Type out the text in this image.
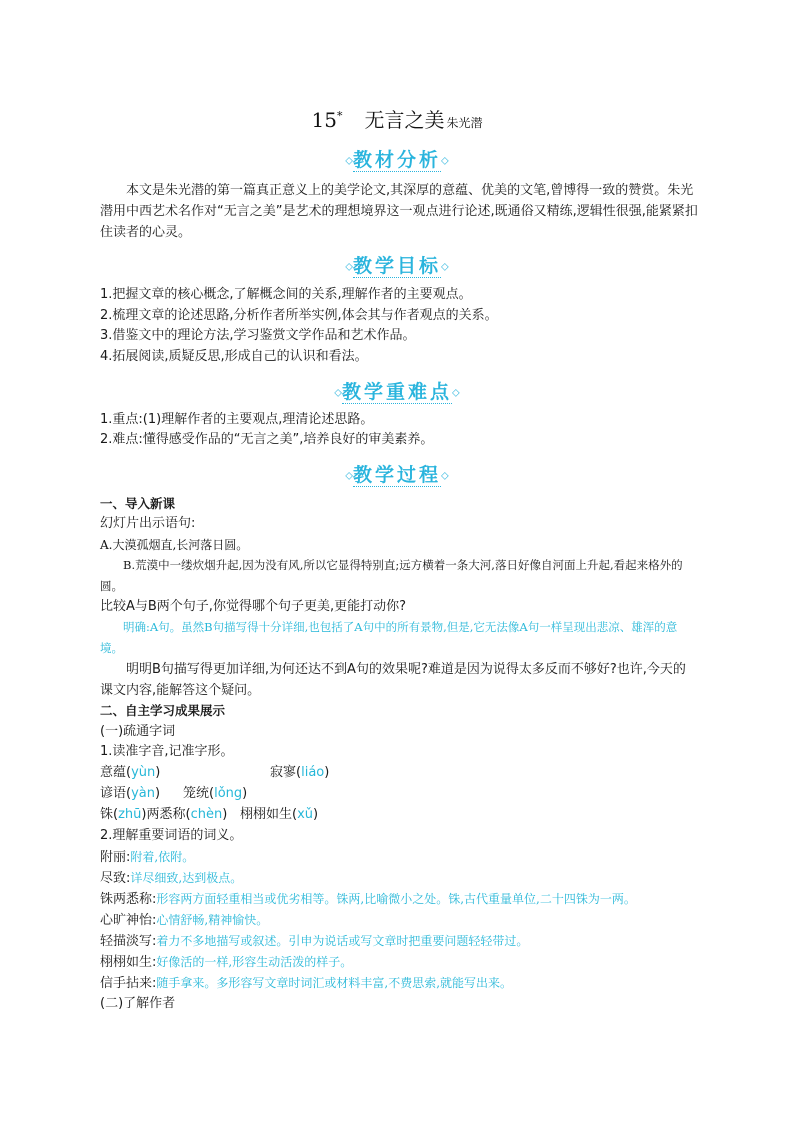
15* 无言之美 朱光潜
◇教材分析◇

本文是朱光潜的第一篇真正意义上的美学论文,其深厚的意蕴、优美的文笔,曾博得一致的赞赏。朱光潜用中西艺术名作对“无言之美”是艺术的理想境界这一观点进行论述,既通俗又精练,逻辑性很强,能紧紧扣住读者的心灵。

◇教学目标◇
1.把握文章的核心概念,了解概念间的关系,理解作者的主要观点。
2.梳理文章的论述思路,分析作者所举实例,体会其与作者观点的关系。
3.借鉴文中的理论方法,学习鉴赏文学作品和艺术作品。
4.拓展阅读,质疑反思,形成自己的认识和看法。
◇教学重难点◇
1.重点:(1)理解作者的主要观点,理清论述思路。
2.难点:懂得感受作品的“无言之美”,培养良好的审美素养。
◇教学过程◇
一、导入新课
幻灯片出示语句:
A.大漠孤烟直,长河落日圆。

B.荒漠中一缕炊烟升起,因为没有风,所以它显得特别直;远方横着一条大河,落日好像自河面上升起,看起来格外的圆。

比较A与B两个句子,你觉得哪个句子更美,更能打动你?

明确:A句。虽然B句描写得十分详细,也包括了A句中的所有景物,但是,它无法像A句一样呈现出悲凉、雄浑的意境。

明明B句描写得更加详细,为何还达不到A句的效果呢?难道是因为说得太多反而不够好?也许,今天的课文内容,能解答这个疑问。

二、自主学习成果展示
(一)疏通字词
1.读准字音,记准字形。
意蕴(yùn)	寂寥(liáo)
谚语(yàn) 笼统(lǒng)
铢(zhū)两悉称(chèn) 栩栩如生(xǔ)
2.理解重要词语的词义。
附丽:附着,依附。
尽致:详尽细致,达到极点。
铢两悉称:形容两方面轻重相当或优劣相等。铢两,比喻微小之处。铢,古代重量单位,二十四铢为一两。
心旷神怡:心情舒畅,精神愉快。
轻描淡写:着力不多地描写或叙述。引申为说话或写文章时把重要问题轻轻带过。
栩栩如生:好像活的一样,形容生动活泼的样子。
信手拈来:随手拿来。多形容写文章时词汇或材料丰富,不费思索,就能写出来。
(二)了解作者
